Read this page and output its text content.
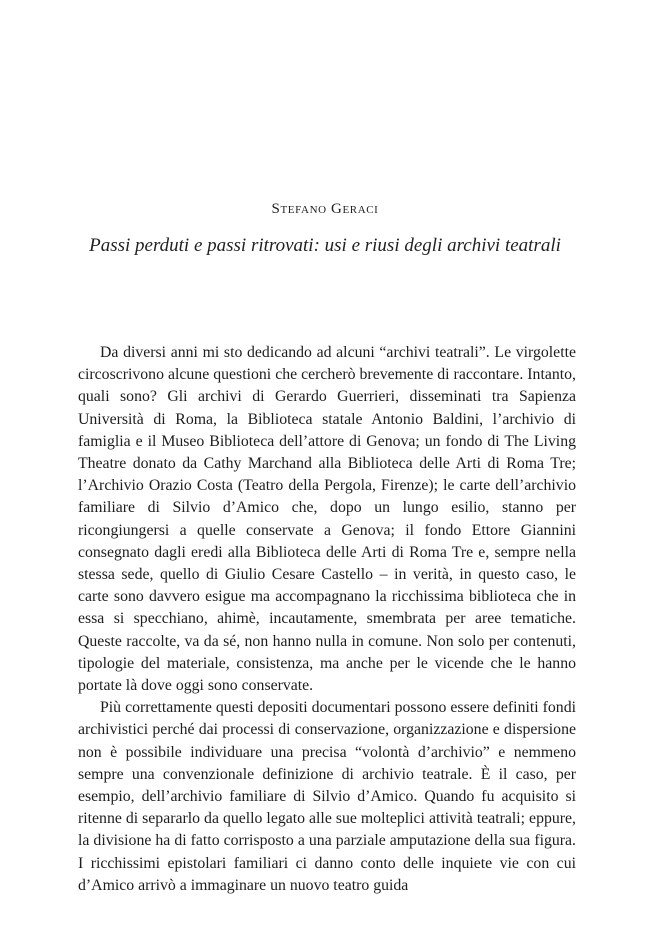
Stefano Geraci
Passi perduti e passi ritrovati: usi e riusi degli archivi teatrali

Da diversi anni mi sto dedicando ad alcuni “archivi teatrali”. Le virgolette circoscrivono alcune questioni che cercherò brevemente di raccontare. Intanto, quali sono? Gli archivi di Gerardo Guerrieri, disseminati tra Sapienza Università di Roma, la Biblioteca statale Antonio Baldini, l’archivio di famiglia e il Museo Biblioteca dell’attore di Genova; un fondo di The Living Theatre donato da Cathy Marchand alla Biblioteca delle Arti di Roma Tre; l’Archivio Orazio Costa (Teatro della Pergola, Firenze); le carte dell’archivio familiare di Silvio d’Amico che, dopo un lungo esilio, stanno per ricongiungersi a quelle conservate a Genova; il fondo Ettore Giannini consegnato dagli eredi alla Biblioteca delle Arti di Roma Tre e, sempre nella stessa sede, quello di Giulio Cesare Castello – in verità, in questo caso, le carte sono davvero esigue ma accompagnano la ricchissima biblioteca che in essa si specchiano, ahimè, incautamente, smembrata per aree tematiche. Queste raccolte, va da sé, non hanno nulla in comune. Non solo per contenuti, tipologie del materiale, consistenza, ma anche per le vicende che le hanno portate là dove oggi sono conservate.

Più correttamente questi depositi documentari possono essere definiti fondi archivistici perché dai processi di conservazione, organizzazione e dispersione non è possibile individuare una precisa “volontà d’archivio” e nemmeno sempre una convenzionale definizione di archivio teatrale. È il caso, per esempio, dell’archivio familiare di Silvio d’Amico. Quando fu acquisito si ritenne di separarlo da quello legato alle sue molteplici attività teatrali; eppure, la divisione ha di fatto corrisposto a una parziale amputazione della sua figura. I ricchissimi epistolari familiari ci danno conto delle inquiete vie con cui d’Amico arrivò a immaginare un nuovo teatro guida
